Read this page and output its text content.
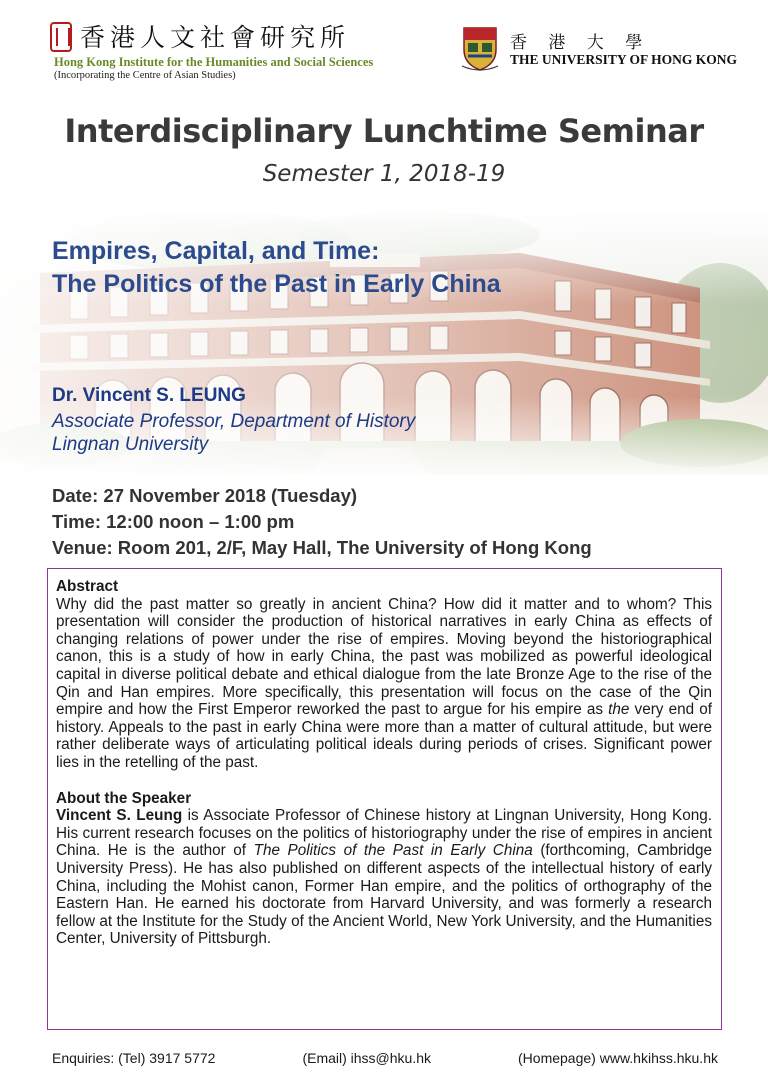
香港人文社會研究所
Hong Kong Institute for the Humanities and Social Sciences
(Incorporating the Centre of Asian Studies)
香 港 大 學
THE UNIVERSITY OF HONG KONG
Interdisciplinary Lunchtime Seminar
Semester 1, 2018-19
Empires, Capital, and Time:
The Politics of the Past in Early China
Dr. Vincent S. LEUNG
Associate Professor, Department of History
Lingnan University
Date: 27 November 2018 (Tuesday)
Time: 12:00 noon – 1:00 pm
Venue: Room 201, 2/F, May Hall, The University of Hong Kong

Abstract

Why did the past matter so greatly in ancient China? How did it matter and to whom? This presentation will consider the production of historical narratives in early China as effects of changing relations of power under the rise of empires. Moving beyond the historiographical canon, this is a study of how in early China, the past was mobilized as powerful ideological capital in diverse political debate and ethical dialogue from the late Bronze Age to the rise of the Qin and Han empires. More specifically, this presentation will focus on the case of the Qin empire and how the First Emperor reworked the past to argue for his empire as the very end of history. Appeals to the past in early China were more than a matter of cultural attitude, but were rather deliberate ways of articulating political ideals during periods of crises. Significant power lies in the retelling of the past.

About the Speaker

Vincent S. Leung is Associate Professor of Chinese history at Lingnan University, Hong Kong. His current research focuses on the politics of historiography under the rise of empires in ancient China. He is the author of The Politics of the Past in Early China (forthcoming, Cambridge University Press). He has also published on different aspects of the intellectual history of early China, including the Mohist canon, Former Han empire, and the politics of orthography of the Eastern Han. He earned his doctorate from Harvard University, and was formerly a research fellow at the Institute for the Study of the Ancient World, New York University, and the Humanities Center, University of Pittsburgh.

Enquiries: (Tel) 3917 5772	(Email) ihss@hku.hk	(Homepage) www.hkihss.hku.hk
